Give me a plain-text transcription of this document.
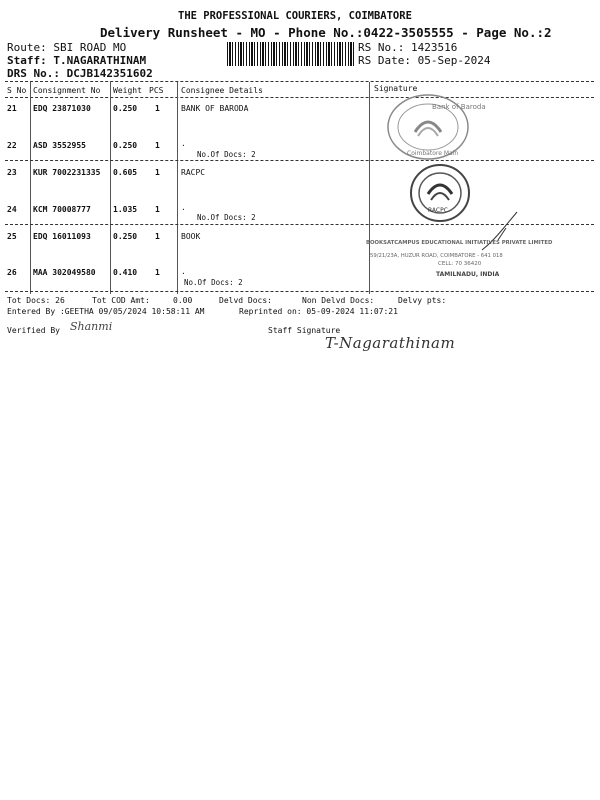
THE PROFESSIONAL COURIERS, COIMBATORE
Delivery Runsheet - MO - Phone No.:0422-3505555 - Page No.:2
Route: SBI ROAD MO
Staff: T.NAGARATHINAM
DRS No.: DCJB142351602
RS No.: 1423516
RS Date: 05-Sep-2024
S No Consignment No Weight PCS Consignee Details	Signature
21 EDQ 23871030	0.250 1	BANK OF BARODA
22 ASD 3552955	0.250 1	.
No.Of Docs: 2
23 KUR 7002231335 0.605 1	RACPC
24 KCM 70008777	1.035 1	.
No.Of Docs: 2
25 EDQ 16011093	0.250 1	BOOK
26 MAA 302049580 0.410 1	.
No.Of Docs: 2
Bank of Baroda
Coimbatore Main
RACPC
BOOKSATCAMPUS EDUCATIONAL INITIATIVES PRIVATE LIMITED
59/21/23A, HUZUR ROAD, COIMBATORE - 641 018
CELL: 70 36420
TAMILNADU, INDIA
Tot Docs: 26	Tot COD Amt:	0.00	Delvd Docs:	Non Delvd Docs:	Delvy pts:
Entered By :GEETHA 09/05/2024 10:58:11 AM	Reprinted on: 05-09-2024 11:07:21
Verified By Shanmi	Staff Signature
T-Nagarathinam
